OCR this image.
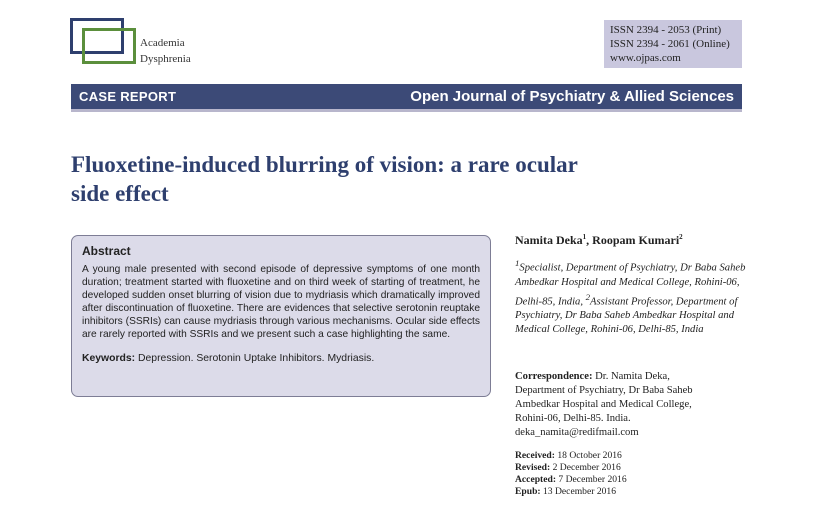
Academia
Dysphrenia
ISSN 2394 - 2053 (Print)
ISSN 2394 - 2061 (Online)
www.ojpas.com
CASE REPORT	Open Journal of Psychiatry & Allied Sciences
Fluoxetine-induced blurring of vision: a rare ocular
side effect
Abstract
A young male presented with second episode of depressive symptoms of one month duration; treatment started with fluoxetine and on third week of starting of treatment, he developed sudden onset blurring of vision due to mydriasis which dramatically improved after discontinuation of fluoxetine. There are evidences that selective serotonin reuptake inhibitors (SSRIs) can cause mydriasis through various mechanisms. Ocular side effects are rarely reported with SSRIs and we present such a case highlighting the same.
Keywords: Depression. Serotonin Uptake Inhibitors. Mydriasis.
Namita Deka$^1$, Roopam Kumari$^2$
$^1$Specialist, Department of Psychiatry, Dr Baba Saheb Ambedkar Hospital and Medical College, Rohini-06, Delhi-85, India, $^2$Assistant Professor, Department of Psychiatry, Dr Baba Saheb Ambedkar Hospital and Medical College, Rohini-06, Delhi-85, India
Correspondence: Dr. Namita Deka,
Department of Psychiatry, Dr Baba Saheb
Ambedkar Hospital and Medical College,
Rohini-06, Delhi-85. India.
deka_namita@redifmail.com
Received: 18 October 2016
Revised: 2 December 2016
Accepted: 7 December 2016
Epub: 13 December 2016
